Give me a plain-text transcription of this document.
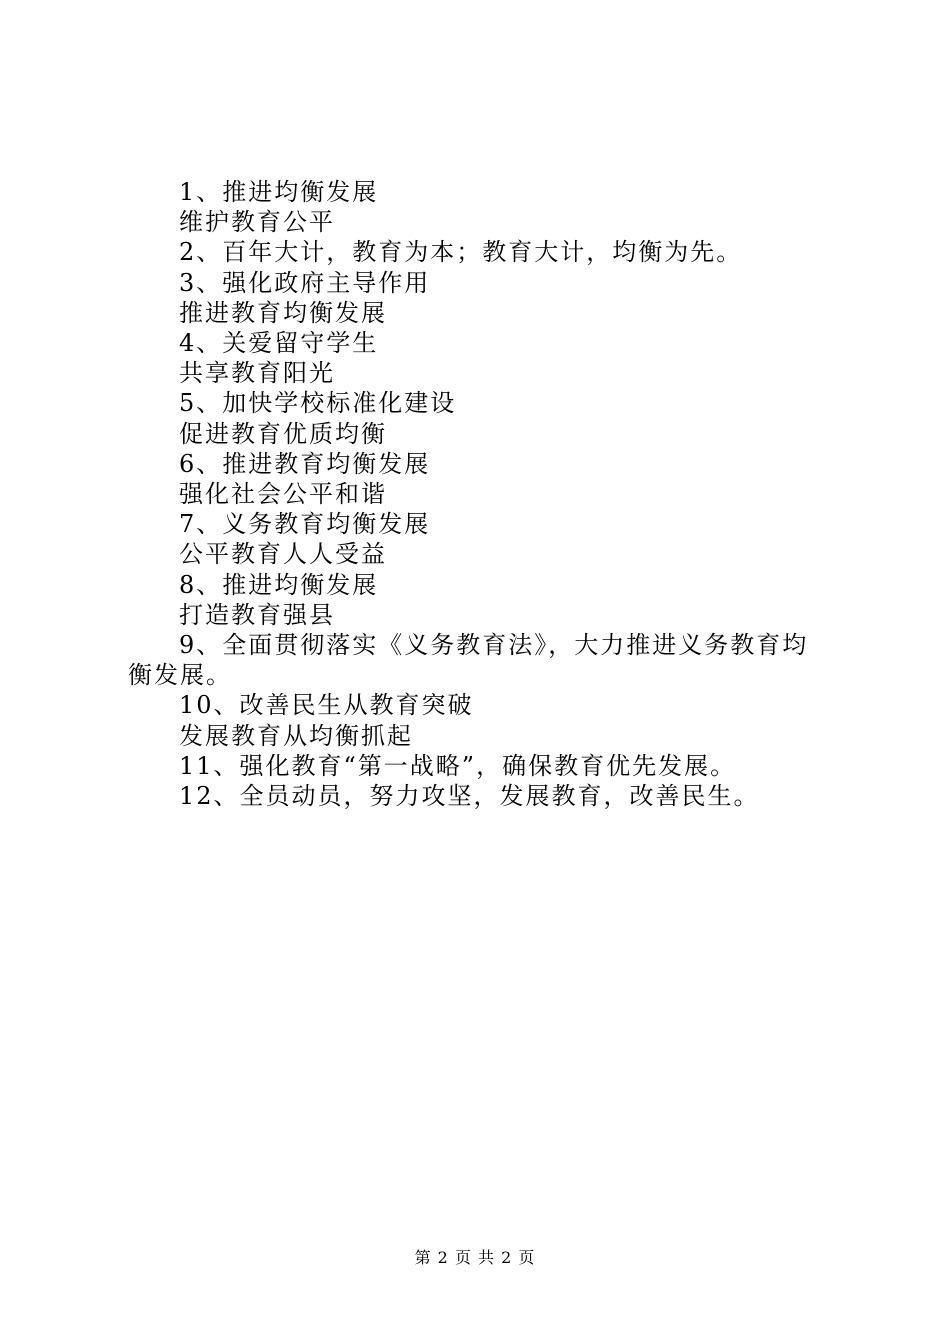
1、推进均衡发展
维护教育公平
2、百年大计，教育为本；教育大计，均衡为先。
3、强化政府主导作用
推进教育均衡发展
4、关爱留守学生
共享教育阳光
5、加快学校标准化建设
促进教育优质均衡
6、推进教育均衡发展
强化社会公平和谐
7、义务教育均衡发展
公平教育人人受益
8、推进均衡发展
打造教育强县
9、全面贯彻落实《义务教育法》，大力推进义务教育均衡发展。
10、改善民生从教育突破
发展教育从均衡抓起
11、强化教育“第一战略”，确保教育优先发展。
12、全员动员，努力攻坚，发展教育，改善民生。
第 2 页 共 2 页
